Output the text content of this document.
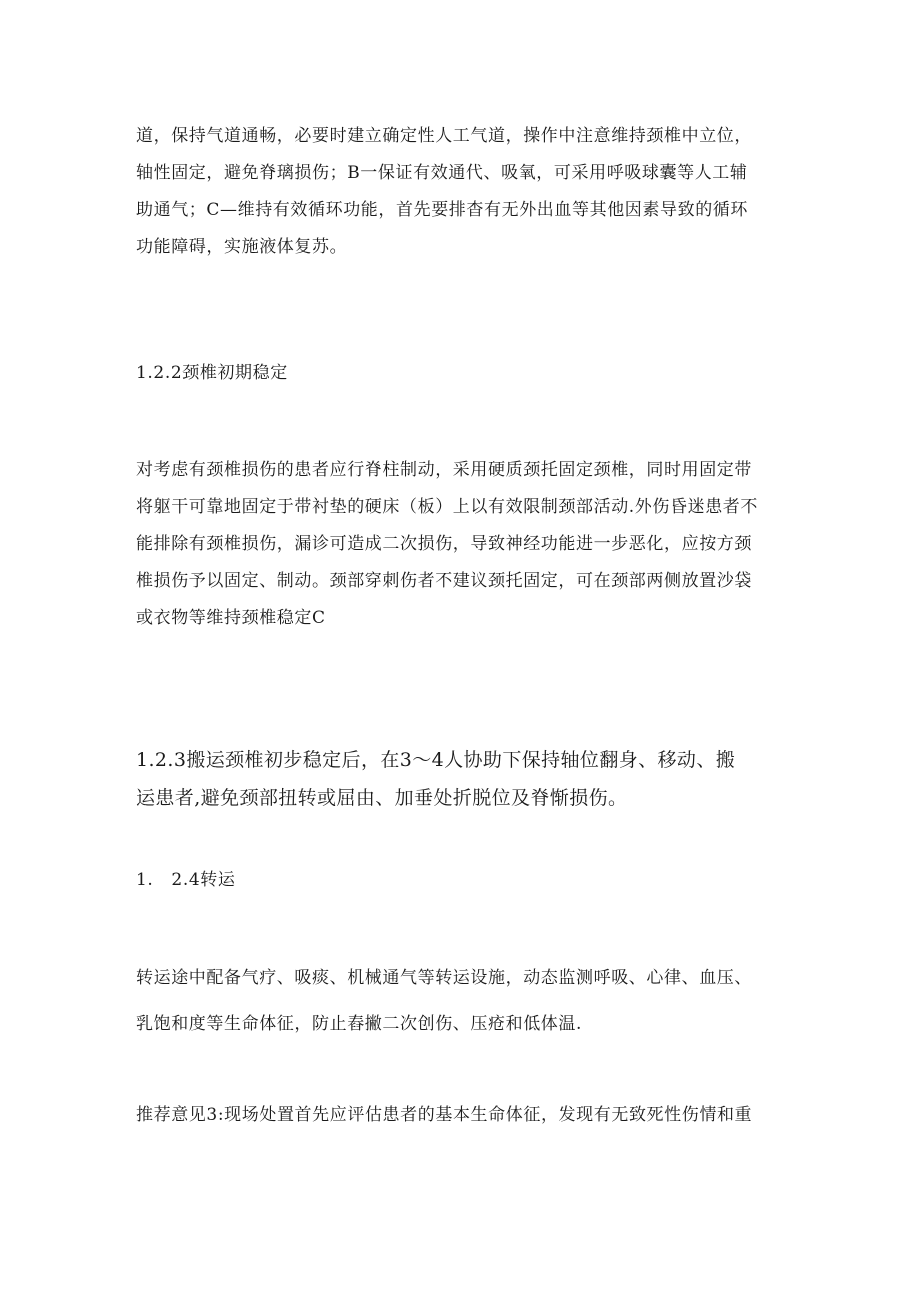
道，保持气道通畅，必要时建立确定性人工气道，操作中注意维持颈椎中立位，
轴性固定，避免脊璃损伤；B一保证有效通代、吸氧，可采用呼吸球囊等人工辅
助通气；C—维持有效循环功能，首先要排杳有无外出血等其他因素导致的循环
功能障碍，实施液体复苏。
1.2.2颈椎初期稳定
对考虑有颈椎损伤的患者应行脊柱制动，采用硬质颈托固定颈椎，同时用固定带
将躯干可靠地固定于带衬垫的硬床（板）上以有效限制颈部活动.外伤昏迷患者不
能排除有颈椎损伤，漏诊可造成二次损伤，导致神经功能进一步恶化，应按方颈
椎损伤予以固定、制动。颈部穿刺伤者不建议颈托固定，可在颈部两侧放置沙袋
或衣物等维持颈椎稳定C
1.2.3搬运颈椎初步稳定后，在3～4人协助下保持轴位翻身、移动、搬
运患者,避免颈部扭转或屈由、加垂处折脱位及脊惭损伤。
1.   2.4转运
转运途中配备气疗、吸痰、机械通气等转运设施，动态监测呼吸、心律、血压、
乳饱和度等生命体征，防止舂撇二次创伤、压疮和低体温.
推荐意见3:现场处置首先应评估患者的基本生命体征，发现有无致死性伤情和重
